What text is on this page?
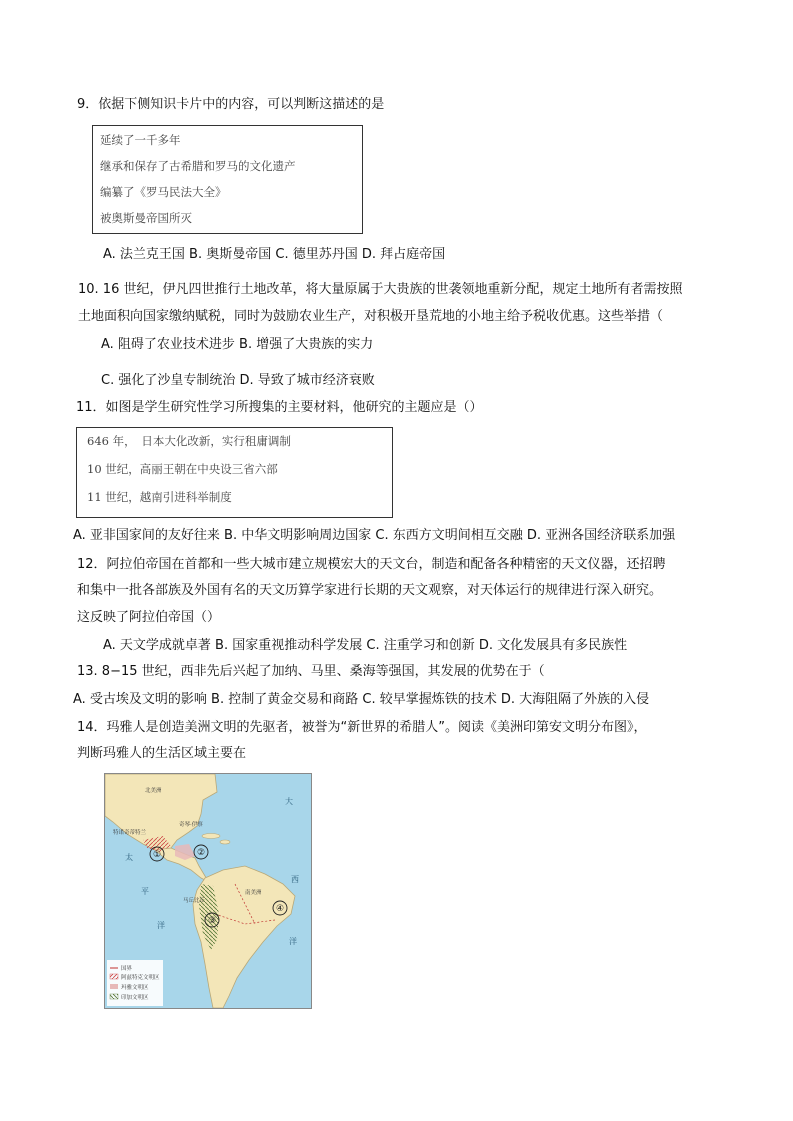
9．依据下侧知识卡片中的内容，可以判断这描述的是
延续了一千多年
继承和保存了古希腊和罗马的文化遗产
编纂了《罗马民法大全》
被奥斯曼帝国所灭
A. 法兰克王国 B. 奥斯曼帝国 C. 德里苏丹国 D. 拜占庭帝国
10. 16 世纪，伊凡四世推行土地改革，将大量原属于大贵族的世袭领地重新分配，规定土地所有者需按照
土地面积向国家缴纳赋税，同时为鼓励农业生产，对积极开垦荒地的小地主给予税收优惠。这些举措（
A. 阻碍了农业技术进步 B. 增强了大贵族的实力
C. 强化了沙皇专制统治 D. 导致了城市经济衰败
11．如图是学生研究性学习所搜集的主要材料，他研究的主题应是（）
646 年，　日本大化改新，实行租庸调制
10 世纪，高丽王朝在中央设三省六部
11 世纪，越南引进科举制度
A. 亚非国家间的友好往来 B. 中华文明影响周边国家 C. 东西方文明间相互交融 D. 亚洲各国经济联系加强
12．阿拉伯帝国在首都和一些大城市建立规模宏大的天文台，制造和配备各种精密的天文仪器，还招聘
和集中一批各部族及外国有名的天文历算学家进行长期的天文观察，对天体运行的规律进行深入研究。
这反映了阿拉伯帝国（）
A. 天文学成就卓著 B. 国家重视推动科学发展 C. 注重学习和创新 D. 文化发展具有多民族性
13. 8−15 世纪，西非先后兴起了加纳、马里、桑海等强国，其发展的优势在于（
A. 受古埃及文明的影响 B. 控制了黄金交易和商路 C. 较早掌握炼铁的技术 D. 大海阻隔了外族的入侵
14．玛雅人是创造美洲文明的先驱者，被誉为“新世界的希腊人”。阅读《美洲印第安文明分布图》，
判断玛雅人的生活区域主要在
①	②
③
④
北美洲
特诺奇蒂特兰
奇琴·伊察
马丘比丘
南美洲
太
平
洋
大
西
洋
国界
阿兹特克文明区
玛雅文明区
印加文明区
